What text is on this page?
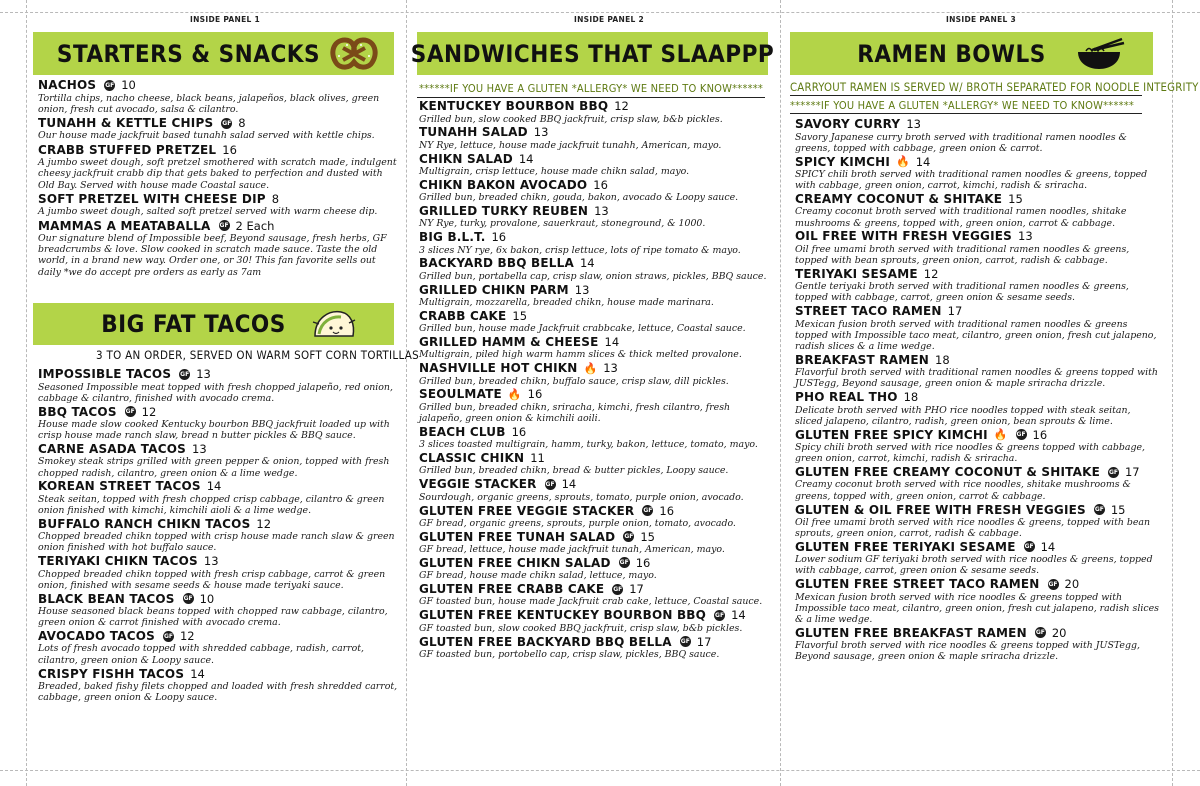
INSIDE PANEL 1	INSIDE PANEL 2	INSIDE PANEL 3
STARTERS & SNACKS
NACHOS GF 10
Tortilla chips, nacho cheese, black beans, jalapeños, black olives, green onion, fresh cut avocado, salsa & cilantro.
TUNAHH & KETTLE CHIPS GF 8
Our house made jackfruit based tunahh salad served with kettle chips.
CRABB STUFFED PRETZEL 16
A jumbo sweet dough, soft pretzel smothered with scratch made, indulgent cheesy jackfruit crabb dip that gets baked to perfection and dusted with Old Bay. Served with house made Coastal sauce.
SOFT PRETZEL WITH CHEESE DIP 8
A jumbo sweet dough, salted soft pretzel served with warm cheese dip.
MAMMAS A MEATABALLA GF 2 Each
Our signature blend of Impossible beef, Beyond sausage, fresh herbs, GF breadcrumbs & love. Slow cooked in scratch made sauce. Taste the old world, in a brand new way. Order one, or 30! This fan favorite sells out daily *we do accept pre orders as early as 7am
BIG FAT TACOS
3 TO AN ORDER, SERVED ON WARM SOFT CORN TORTILLAS
IMPOSSIBLE TACOS GF 13
Seasoned Impossible meat topped with fresh chopped jalapeño, red onion, cabbage & cilantro, finished with avocado crema.
BBQ TACOS GF 12
House made slow cooked Kentucky bourbon BBQ jackfruit loaded up with crisp house made ranch slaw, bread n butter pickles & BBQ sauce.
CARNE ASADA TACOS 13
Smokey steak strips grilled with green pepper & onion, topped with fresh chopped radish, cilantro, green onion & a lime wedge.
KOREAN STREET TACOS 14
Steak seitan, topped with fresh chopped crisp cabbage, cilantro & green onion finished with kimchi, kimchili aioli & a lime wedge.
BUFFALO RANCH CHIKN TACOS 12
Chopped breaded chikn topped with crisp house made ranch slaw & green onion finished with hot buffalo sauce.
TERIYAKI CHIKN TACOS 13
Chopped breaded chikn topped with fresh crisp cabbage, carrot & green onion, finished with sesame seeds & house made teriyaki sauce.
BLACK BEAN TACOS GF 10
House seasoned black beans topped with chopped raw cabbage, cilantro, green onion & carrot finished with avocado crema.
AVOCADO TACOS GF 12
Lots of fresh avocado topped with shredded cabbage, radish, carrot, cilantro, green onion & Loopy sauce.
CRISPY FISHH TACOS 14
Breaded, baked fishy filets chopped and loaded with fresh shredded carrot, cabbage, green onion & Loopy sauce.
SANDWICHES THAT SLAAPPP
******IF YOU HAVE A GLUTEN *ALLERGY* WE NEED TO KNOW******
KENTUCKEY BOURBON BBQ 12
Grilled bun, slow cooked BBQ jackfruit, crisp slaw, b&b pickles.
TUNAHH SALAD 13
NY Rye, lettuce, house made jackfruit tunahh, American, mayo.
CHIKN SALAD 14
Multigrain, crisp lettuce, house made chikn salad, mayo.
CHIKN BAKON AVOCADO 16
Grilled bun, breaded chikn, gouda, bakon, avocado & Loopy sauce.
GRILLED TURKY REUBEN 13
NY Rye, turky, provalone, sauerkraut, stoneground, & 1000.
BIG B.L.T. 16
3 slices NY rye, 6x bakon, crisp lettuce, lots of ripe tomato & mayo.
BACKYARD BBQ BELLA 14
Grilled bun, portabella cap, crisp slaw, onion straws, pickles, BBQ sauce.
GRILLED CHIKN PARM 13
Multigrain, mozzarella, breaded chikn, house made marinara.
CRABB CAKE 15
Grilled bun, house made Jackfruit crabbcake, lettuce, Coastal sauce.
GRILLED HAMM & CHEESE 14
Multigrain, piled high warm hamm slices & thick melted provalone.
NASHVILLE HOT CHIKN 🔥 13
Grilled bun, breaded chikn, buffalo sauce, crisp slaw, dill pickles.
SEOULMATE 🔥 16
Grilled bun, breaded chikn, sriracha, kimchi, fresh cilantro, fresh jalapeño, green onion & kimchili aoili.
BEACH CLUB 16
3 slices toasted multigrain, hamm, turky, bakon, lettuce, tomato, mayo.
CLASSIC CHIKN 11
Grilled bun, breaded chikn, bread & butter pickles, Loopy sauce.
VEGGIE STACKER GF 14
Sourdough, organic greens, sprouts, tomato, purple onion, avocado.
GLUTEN FREE VEGGIE STACKER GF 16
GF bread, organic greens, sprouts, purple onion, tomato, avocado.
GLUTEN FREE TUNAH SALAD GF 15
GF bread, lettuce, house made jackfruit tunah, American, mayo.
GLUTEN FREE CHIKN SALAD GF 16
GF bread, house made chikn salad, lettuce, mayo.
GLUTEN FREE CRABB CAKE GF 17
GF toasted bun, house made Jackfruit crab cake, lettuce, Coastal sauce.
GLUTEN FREE KENTUCKEY BOURBON BBQ GF 14
GF toasted bun, slow cooked BBQ jackfruit, crisp slaw, b&b pickles.
GLUTEN FREE BACKYARD BBQ BELLA GF 17
GF toasted bun, portobello cap, crisp slaw, pickles, BBQ sauce.
RAMEN BOWLS
CARRYOUT RAMEN IS SERVED W/ BROTH SEPARATED FOR NOODLE INTEGRITY
******IF YOU HAVE A GLUTEN *ALLERGY* WE NEED TO KNOW******
SAVORY CURRY 13
Savory Japanese curry broth served with traditional ramen noodles & greens, topped with cabbage, green onion & carrot.
SPICY KIMCHI 🔥 14
SPICY chili broth served with traditional ramen noodles & greens, topped with cabbage, green onion, carrot, kimchi, radish & sriracha.
CREAMY COCONUT & SHITAKE 15
Creamy coconut broth served with traditional ramen noodles, shitake mushrooms & greens, topped with, green onion, carrot & cabbage.
OIL FREE WITH FRESH VEGGIES 13
Oil free umami broth served with traditional ramen noodles & greens, topped with bean sprouts, green onion, carrot, radish & cabbage.
TERIYAKI SESAME 12
Gentle teriyaki broth served with traditional ramen noodles & greens, topped with cabbage, carrot, green onion & sesame seeds.
STREET TACO RAMEN 17
Mexican fusion broth served with traditional ramen noodles & greens topped with Impossible taco meat, cilantro, green onion, fresh cut jalapeno, radish slices & a lime wedge.
BREAKFAST RAMEN 18
Flavorful broth served with traditional ramen noodles & greens topped with JUSTegg, Beyond sausage, green onion & maple sriracha drizzle.
PHO REAL THO 18
Delicate broth served with PHO rice noodles topped with steak seitan, sliced jalapeno, cilantro, radish, green onion, bean sprouts & lime.
GLUTEN FREE SPICY KIMCHI 🔥 GF 16
Spicy chili broth served with rice noodles & greens topped with cabbage, green onion, carrot, kimchi, radish & sriracha.
GLUTEN FREE CREAMY COCONUT & SHITAKE GF 17
Creamy coconut broth served with rice noodles, shitake mushrooms & greens, topped with, green onion, carrot & cabbage.
GLUTEN & OIL FREE WITH FRESH VEGGIES GF 15
Oil free umami broth served with rice noodles & greens, topped with bean sprouts, green onion, carrot, radish & cabbage.
GLUTEN FREE TERIYAKI SESAME GF 14
Lower sodium GF teriyaki broth served with rice noodles & greens, topped with cabbage, carrot, green onion & sesame seeds.
GLUTEN FREE STREET TACO RAMEN GF 20
Mexican fusion broth served with rice noodles & greens topped with Impossible taco meat, cilantro, green onion, fresh cut jalapeno, radish slices & a lime wedge.
GLUTEN FREE BREAKFAST RAMEN GF 20
Flavorful broth served with rice noodles & greens topped with JUSTegg, Beyond sausage, green onion & maple sriracha drizzle.
